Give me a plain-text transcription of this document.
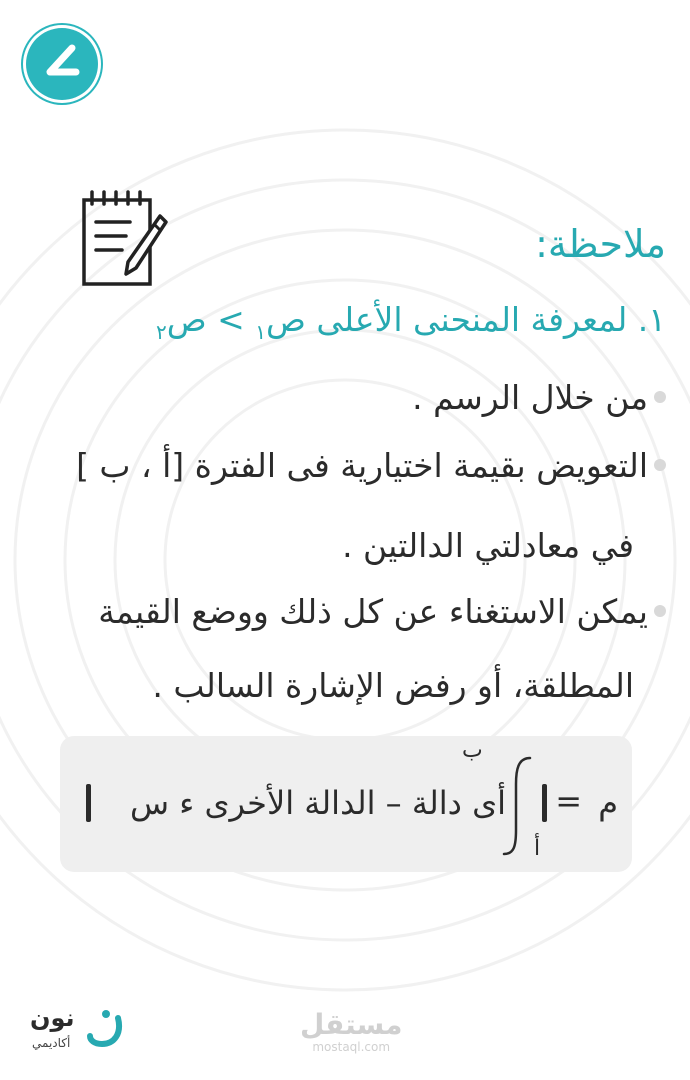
ملاحظة:
١. لمعرفة المنحنى الأعلى ص$_١$ > ص$_٢$
من خلال الرسم .
التعويض بقيمة اختيارية فى الفترة [أ ، ب ]
في معادلتي الدالتين .
يمكن الاستغناء عن كل ذلك ووضع القيمة
المطلقة، أو رفض الإشارة السالب .
م
=
ب
أ
أى دالة – الدالة الأخرى ء س
نون
أكاديمي
مستقل
mostaql.com
